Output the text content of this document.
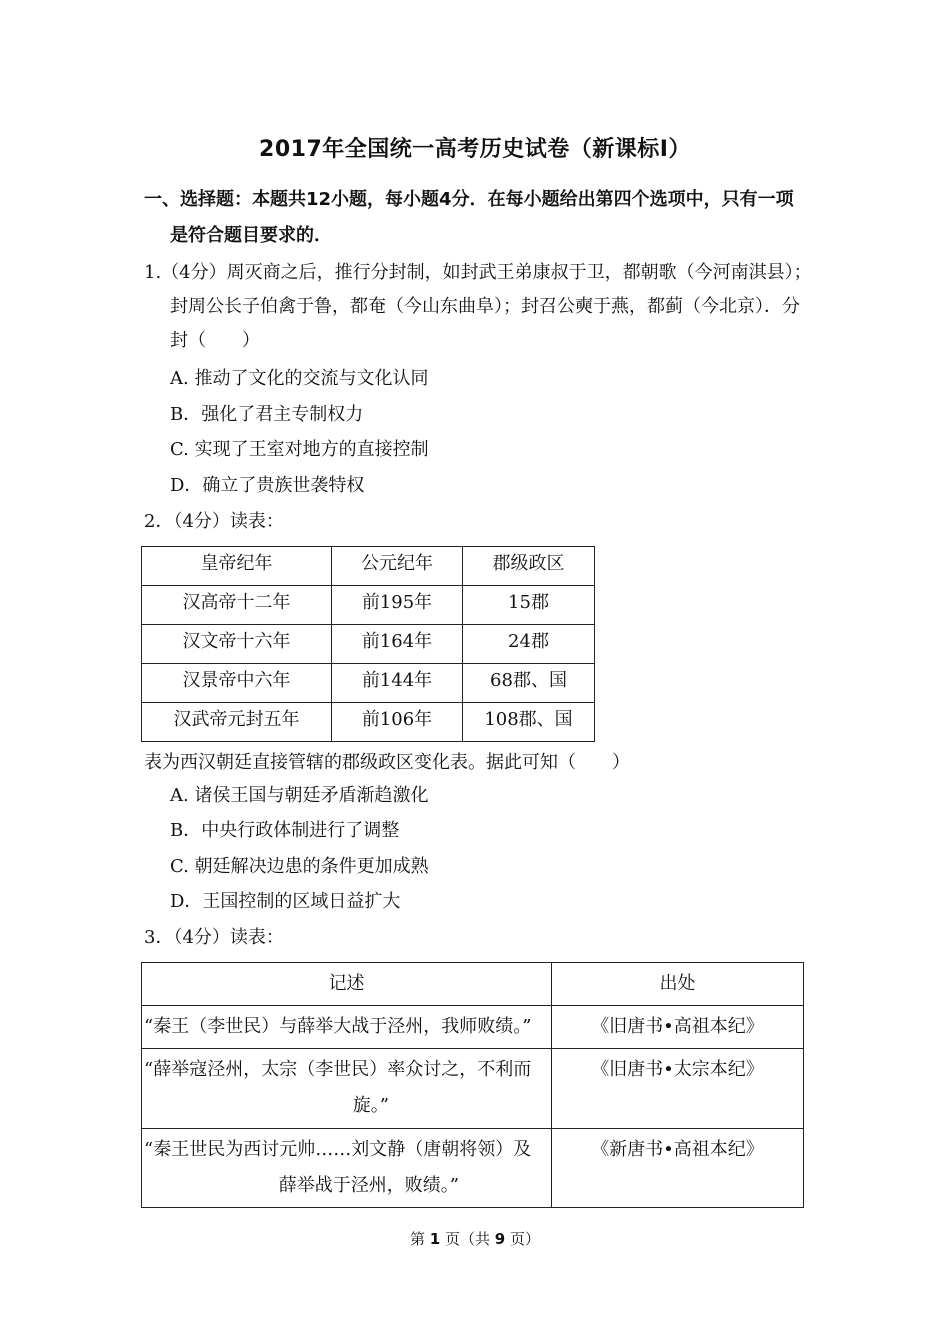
2017年全国统一高考历史试卷（新课标Ⅰ）
一、选择题：本题共12小题，每小题4分．在每小题给出第四个选项中，只有一项
是符合题目要求的．
1.（4分）周灭商之后，推行分封制，如封武王弟康叔于卫，都朝歌（今河南淇县）；
封周公长子伯禽于鲁，都奄（今山东曲阜）；封召公奭于燕，都蓟（今北京）．分
封（　　）
A. 推动了文化的交流与文化认同
B．强化了君主专制权力
C. 实现了王室对地方的直接控制
D．确立了贵族世袭特权
2．（4分）读表：
皇帝纪年	公元纪年	郡级政区
汉高帝十二年	前195年	15郡
汉文帝十六年	前164年	24郡
汉景帝中六年	前144年	68郡、国
汉武帝元封五年	前106年	108郡、国
表为西汉朝廷直接管辖的郡级政区变化表。据此可知（　　）
A. 诸侯王国与朝廷矛盾渐趋激化
B．中央行政体制进行了调整
C. 朝廷解决边患的条件更加成熟
D．王国控制的区域日益扩大
3．（4分）读表：
记述	出处
“秦王（李世民）与薛举大战于泾州，我师败绩。”	《旧唐书•高祖本纪》

“薛举寇泾州，太宗（李世民）率众讨之，不利而
旋。”	《旧唐书•太宗本纪》

“秦王世民为西讨元帅……刘文静（唐朝将领）及
薛举战于泾州，败绩。”	《新唐书•高祖本纪》
第 1 页（共 9 页）
